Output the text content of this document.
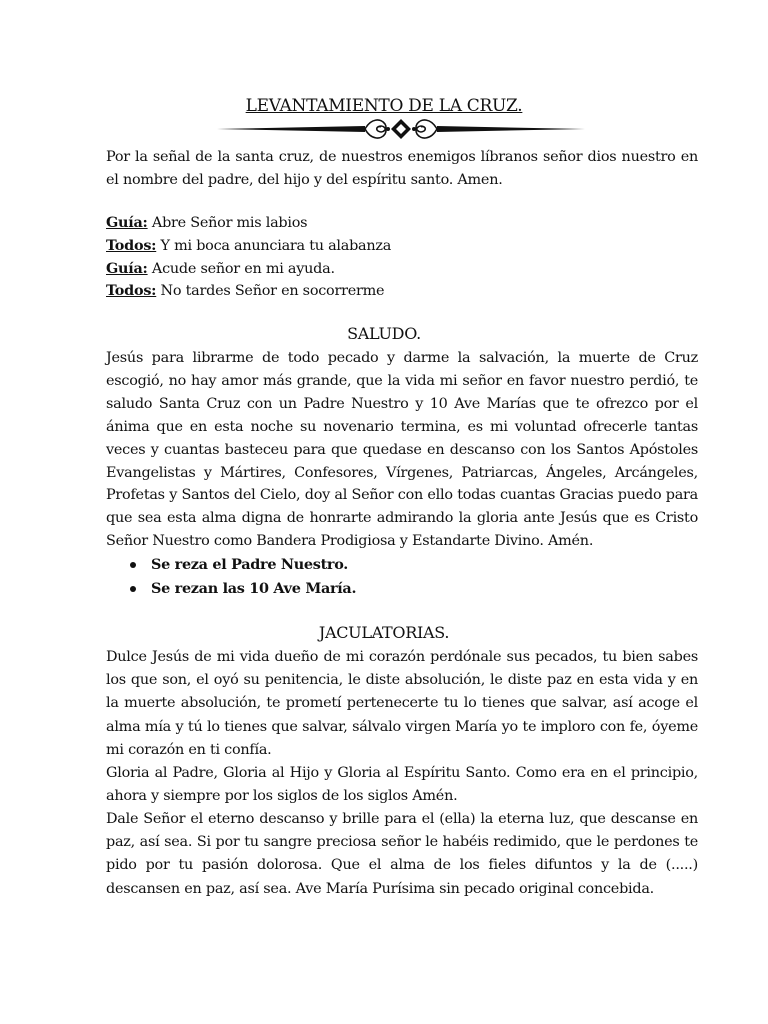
LEVANTAMIENTO DE LA CRUZ.
Por la señal de la santa cruz, de nuestros enemigos líbranos señor dios nuestro en el nombre del padre, del hijo y del espíritu santo. Amen.
Guía: Abre Señor mis labios
Todos: Y mi boca anunciara tu alabanza
Guía: Acude señor en mi ayuda.
Todos: No tardes Señor en socorrerme
SALUDO.
Jesús para librarme de todo pecado y darme la salvación, la muerte de Cruz escogió, no hay amor más grande, que la vida mi señor en favor nuestro perdió, te saludo Santa Cruz con un Padre Nuestro y 10 Ave Marías que te ofrezco por el ánima que en esta noche su novenario termina, es mi voluntad ofrecerle tantas veces y cuantas basteceu para que quedase en descanso con los Santos Apóstoles Evangelistas y Mártires, Confesores, Vírgenes, Patriarcas, Ángeles, Arcángeles, Profetas y Santos del Cielo, doy al Señor con ello todas cuantas Gracias puedo para que sea esta alma digna de honrarte admirando la gloria ante Jesús que es Cristo Señor Nuestro como Bandera Prodigiosa y Estandarte Divino. Amén.
Se reza el Padre Nuestro.
Se rezan las 10 Ave María.
JACULATORIAS.
Dulce Jesús de mi vida dueño de mi corazón perdónale sus pecados, tu bien sabes los que son, el oyó su penitencia, le diste absolución, le diste paz en esta vida y en la muerte absolución, te prometí pertenecerte tu lo tienes que salvar, así acoge el alma mía y tú lo tienes que salvar, sálvalo virgen María yo te imploro con fe, óyeme mi corazón en ti confía.
Gloria al Padre, Gloria al Hijo y Gloria al Espíritu Santo. Como era en el principio, ahora y siempre por los siglos de los siglos Amén.
Dale Señor el eterno descanso y brille para el (ella) la eterna luz, que descanse en paz, así sea. Si por tu sangre preciosa señor le habéis redimido, que le perdones te pido por tu pasión dolorosa. Que el alma de los fieles difuntos y la de (.....) descansen en paz, así sea. Ave María Purísima sin pecado original concebida.
